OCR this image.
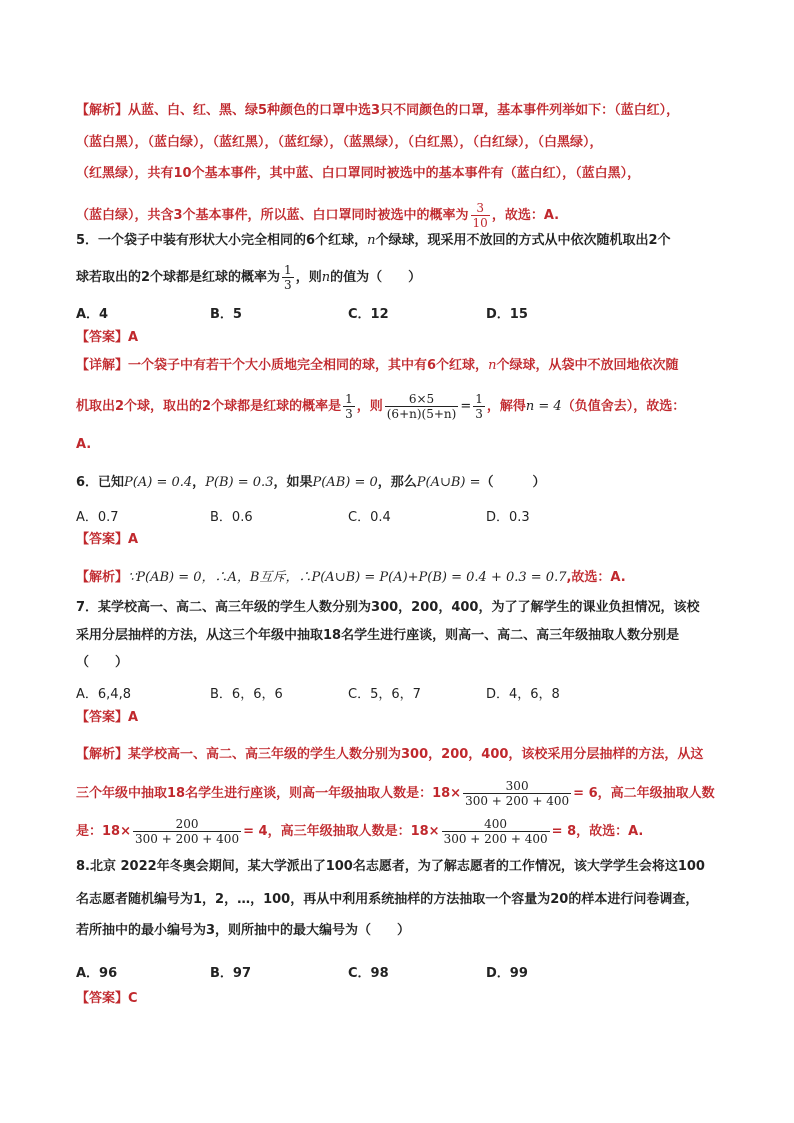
【解析】从蓝、白、红、黑、绿5种颜色的口罩中选3只不同颜色的口罩，基本事件列举如下：（蓝白红），
（蓝白黑），（蓝白绿），（蓝红黑），（蓝红绿），（蓝黑绿），（白红黑），（白红绿），（白黑绿），
（红黑绿），共有10个基本事件，其中蓝、白口罩同时被选中的基本事件有（蓝白红），（蓝白黑），
（蓝白绿），共含3个基本事件，所以蓝、白口罩同时被选中的概率为 $\frac{3}{10}$ ，故选：A.
5．一个袋子中装有形状大小完全相同的6个红球，n个绿球，现采用不放回的方式从中依次随机取出2个
球若取出的2个球都是红球的概率为 $\frac{1}{3}$ ，则n的值为（　　）
A．4	B．5	C．12	D．15
【答案】A
【详解】一个袋子中有若干个大小质地完全相同的球，其中有6个红球，n个绿球，从袋中不放回地依次随
机取出2个球，取出的2个球都是红球的概率是 $\frac{1}{3}$ ，则 $\frac{6\times 5}{(6+n)(5+n)} = \frac{1}{3}$ ，解得n = 4（负值舍去），故选：
A.
6．已知P(A) = 0.4，P(B) = 0.3，如果P(AB) = 0，那么P(A∪B) =（　　　）
A．0.7	B．0.6	C．0.4	D．0.3
【答案】A
【解析】∵P(AB) = 0，∴A，B互斥，∴P(A∪B) = P(A)+P(B) = 0.4 + 0.3 = 0.7,故选：A.
7．某学校高一、高二、高三年级的学生人数分别为300，200，400，为了了解学生的课业负担情况，该校
采用分层抽样的方法，从这三个年级中抽取18名学生进行座谈，则高一、高二、高三年级抽取人数分别是
（　　）
A．6,4,8	B．6，6，6	C．5，6，7	D．4，6，8
【答案】A
【解析】某学校高一、高二、高三年级的学生人数分别为300，200，400，该校采用分层抽样的方法，从这
三个年级中抽取18名学生进行座谈，则高一年级抽取人数是：$18\times \frac{300}{300 + 200 + 400} = 6$，高二年级抽取人数
是：$18\times \frac{200}{300 + 200 + 400} = 4$，高三年级抽取人数是：$18\times \frac{400}{300 + 200 + 400} = 8$，故选：A.
8.北京 2022年冬奥会期间，某大学派出了100名志愿者，为了解志愿者的工作情况，该大学学生会将这100
名志愿者随机编号为1，2，…，100，再从中利用系统抽样的方法抽取一个容量为20的样本进行问卷调查，
若所抽中的最小编号为3，则所抽中的最大编号为（　　）
A．96	B．97	C．98	D．99
【答案】C
